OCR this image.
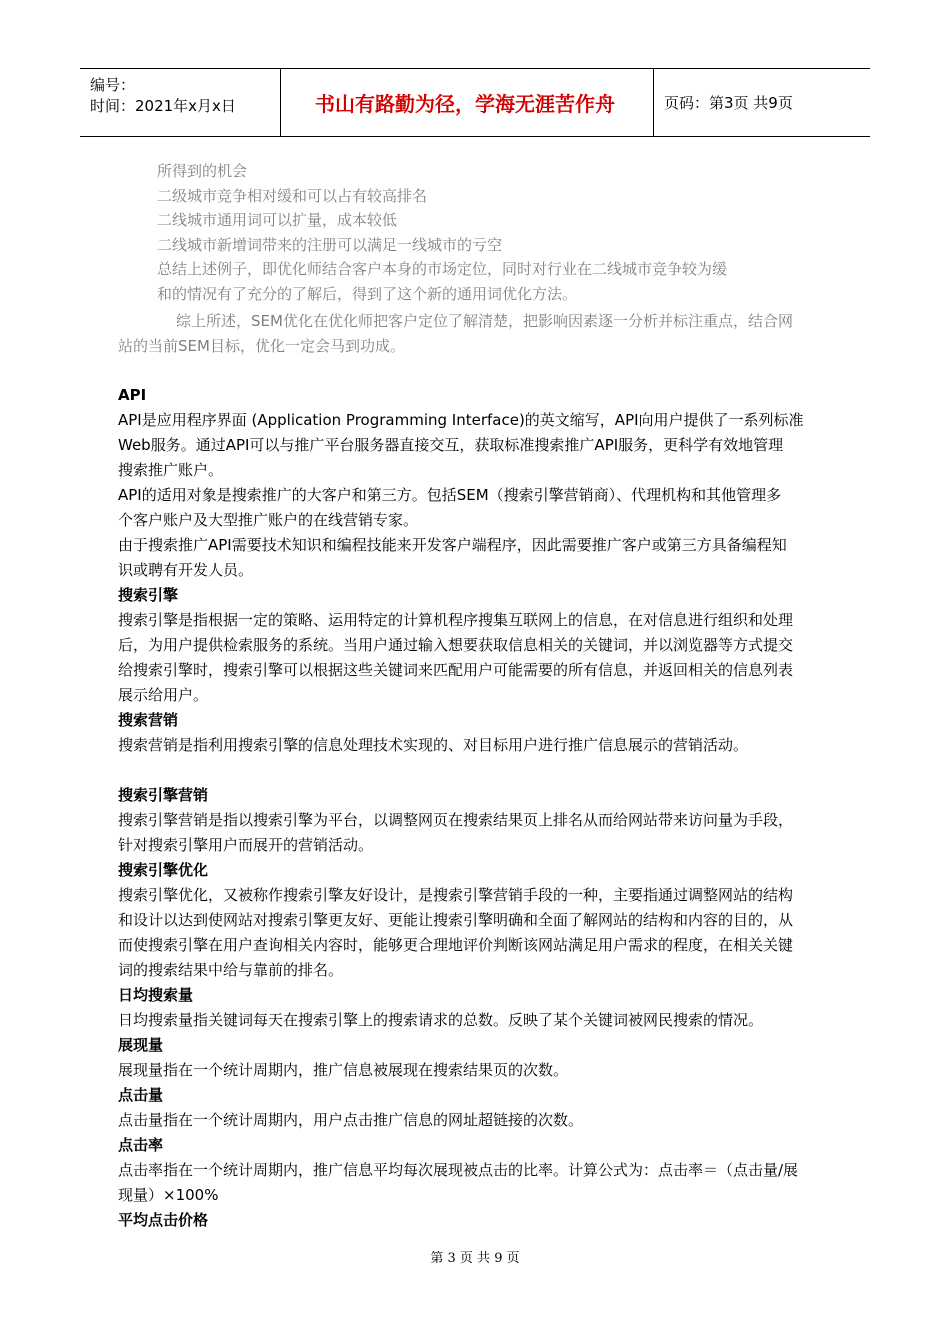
编号：
时间：2021年x月x日	书山有路勤为径，学海无涯苦作舟	页码：第3页 共9页
所得到的机会
二级城市竞争相对缓和可以占有较高排名
二线城市通用词可以扩量，成本较低
二线城市新增词带来的注册可以满足一线城市的亏空
总结上述例子，即优化师结合客户本身的市场定位，同时对行业在二线城市竞争较为缓
和的情况有了充分的了解后，得到了这个新的通用词优化方法。
综上所述，SEM优化在优化师把客户定位了解清楚，把影响因素逐一分析并标注重点，结合网
站的当前SEM目标，优化一定会马到功成。
API
API是应用程序界面 (Application Programming Interface)的英文缩写，API向用户提供了一系列标准
Web服务。通过API可以与推广平台服务器直接交互，获取标准搜索推广API服务，更科学有效地管理
搜索推广账户。
API的适用对象是搜索推广的大客户和第三方。包括SEM（搜索引擎营销商）、代理机构和其他管理多
个客户账户及大型推广账户的在线营销专家。
由于搜索推广API需要技术知识和编程技能来开发客户端程序，因此需要推广客户或第三方具备编程知
识或聘有开发人员。
搜索引擎
搜索引擎是指根据一定的策略、运用特定的计算机程序搜集互联网上的信息，在对信息进行组织和处理
后，为用户提供检索服务的系统。当用户通过输入想要获取信息相关的关键词，并以浏览器等方式提交
给搜索引擎时，搜索引擎可以根据这些关键词来匹配用户可能需要的所有信息，并返回相关的信息列表
展示给用户。
搜索营销
搜索营销是指利用搜索引擎的信息处理技术实现的、对目标用户进行推广信息展示的营销活动。
搜索引擎营销
搜索引擎营销是指以搜索引擎为平台，以调整网页在搜索结果页上排名从而给网站带来访问量为手段，
针对搜索引擎用户而展开的营销活动。
搜索引擎优化
搜索引擎优化，又被称作搜索引擎友好设计，是搜索引擎营销手段的一种，主要指通过调整网站的结构
和设计以达到使网站对搜索引擎更友好、更能让搜索引擎明确和全面了解网站的结构和内容的目的，从
而使搜索引擎在用户查询相关内容时，能够更合理地评价判断该网站满足用户需求的程度，在相关关键
词的搜索结果中给与靠前的排名。
日均搜索量
日均搜索量指关键词每天在搜索引擎上的搜索请求的总数。反映了某个关键词被网民搜索的情况。
展现量
展现量指在一个统计周期内，推广信息被展现在搜索结果页的次数。
点击量
点击量指在一个统计周期内，用户点击推广信息的网址超链接的次数。
点击率
点击率指在一个统计周期内，推广信息平均每次展现被点击的比率。计算公式为：点击率＝（点击量/展
现量）×100%
平均点击价格
第 3 页 共 9 页
